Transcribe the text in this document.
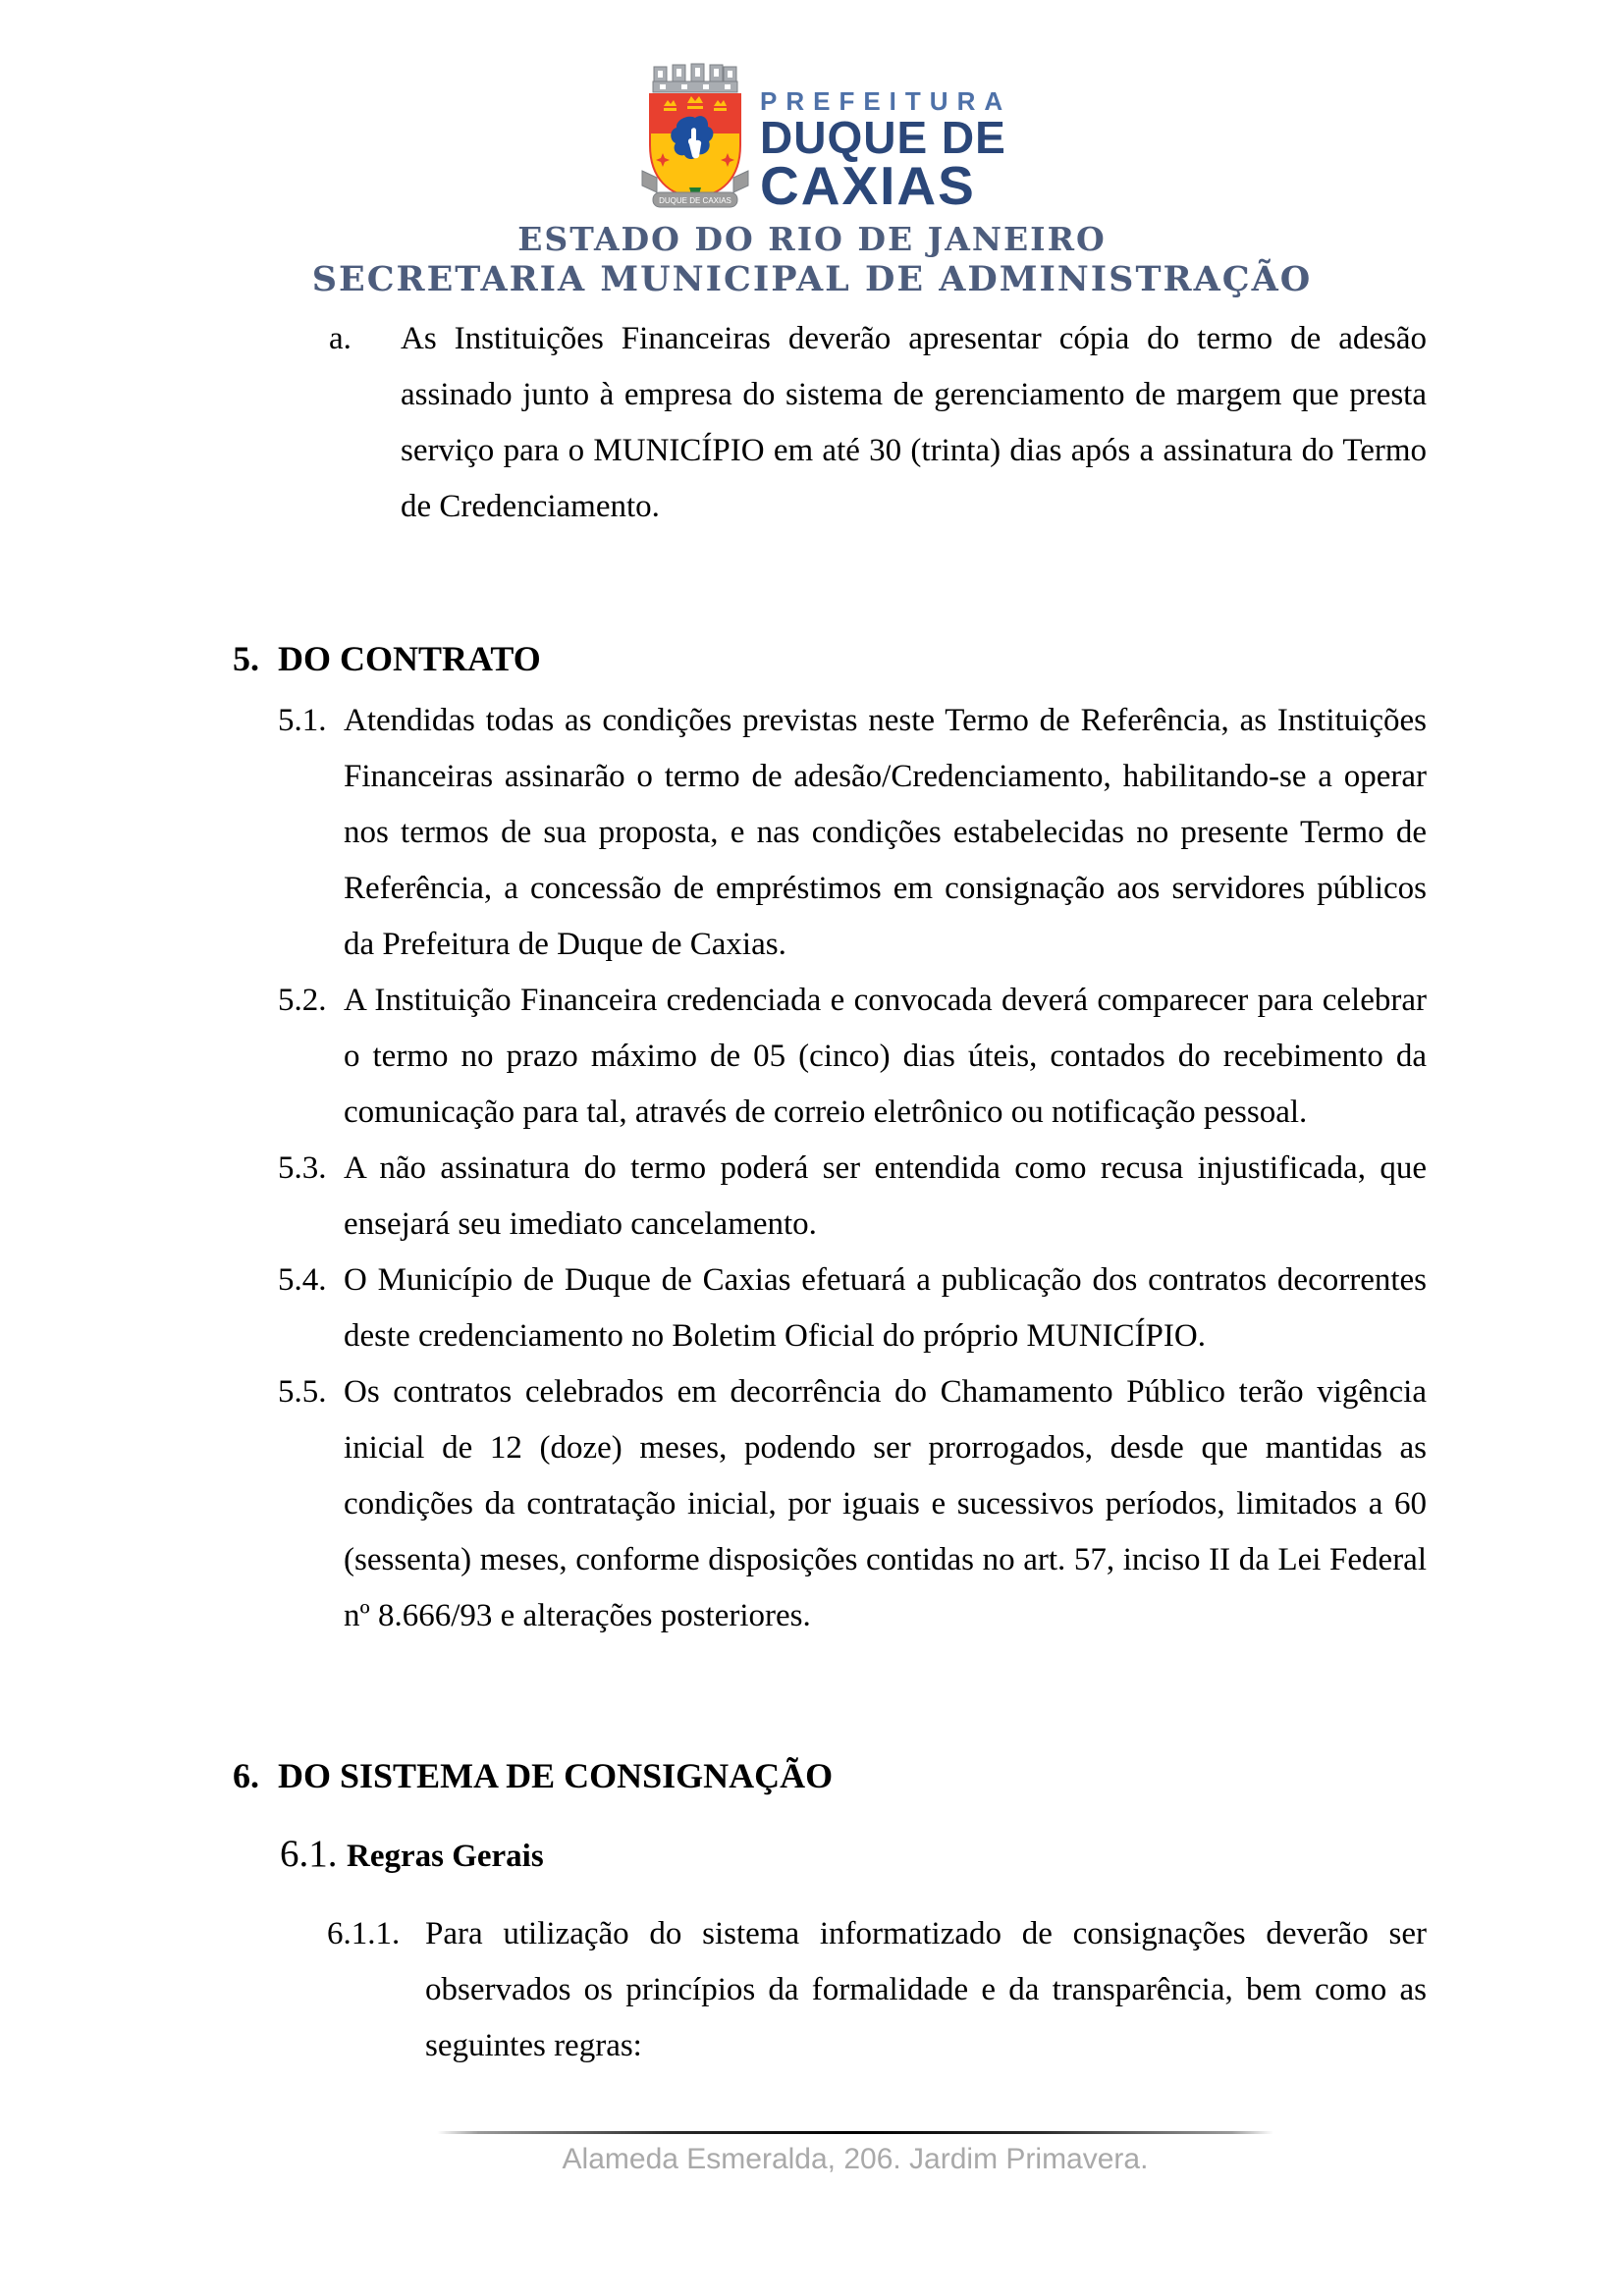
DUQUE DE CAXIAS
PREFEITURA
DUQUE DE
CAXIAS
ESTADO DO RIO DE JANEIRO
SECRETARIA MUNICIPAL DE ADMINISTRAÇÃO
a.	As Instituições Financeiras deverão apresentar cópia do termo de adesão assinado junto à empresa do sistema de gerenciamento de margem que presta serviço para o MUNICÍPIO em até 30 (trinta) dias após a assinatura do Termo de Credenciamento.
5. DO CONTRATO
5.1. Atendidas todas as condições previstas neste Termo de Referência, as Instituições Financeiras assinarão o termo de adesão/Credenciamento, habilitando-se a operar nos termos de sua proposta, e nas condições estabelecidas no presente Termo de Referência, a concessão de empréstimos em consignação aos servidores públicos da Prefeitura de Duque de Caxias.
5.2. A Instituição Financeira credenciada e convocada deverá comparecer para celebrar o termo no prazo máximo de 05 (cinco) dias úteis, contados do recebimento da comunicação para tal, através de correio eletrônico ou notificação pessoal.
5.3. A não assinatura do termo poderá ser entendida como recusa injustificada, que ensejará seu imediato cancelamento.
5.4. O Município de Duque de Caxias efetuará a publicação dos contratos decorrentes deste credenciamento no Boletim Oficial do próprio MUNICÍPIO.
5.5. Os contratos celebrados em decorrência do Chamamento Público terão vigência inicial de 12 (doze) meses, podendo ser prorrogados, desde que mantidas as condições da contratação inicial, por iguais e sucessivos períodos, limitados a 60 (sessenta) meses, conforme disposições contidas no art. 57, inciso II da Lei Federal nº 8.666/93 e alterações posteriores.
6. DO SISTEMA DE CONSIGNAÇÃO
6.1. Regras Gerais
6.1.1. Para utilização do sistema informatizado de consignações deverão ser observados os princípios da formalidade e da transparência, bem como as seguintes regras:
Alameda Esmeralda, 206. Jardim Primavera.
